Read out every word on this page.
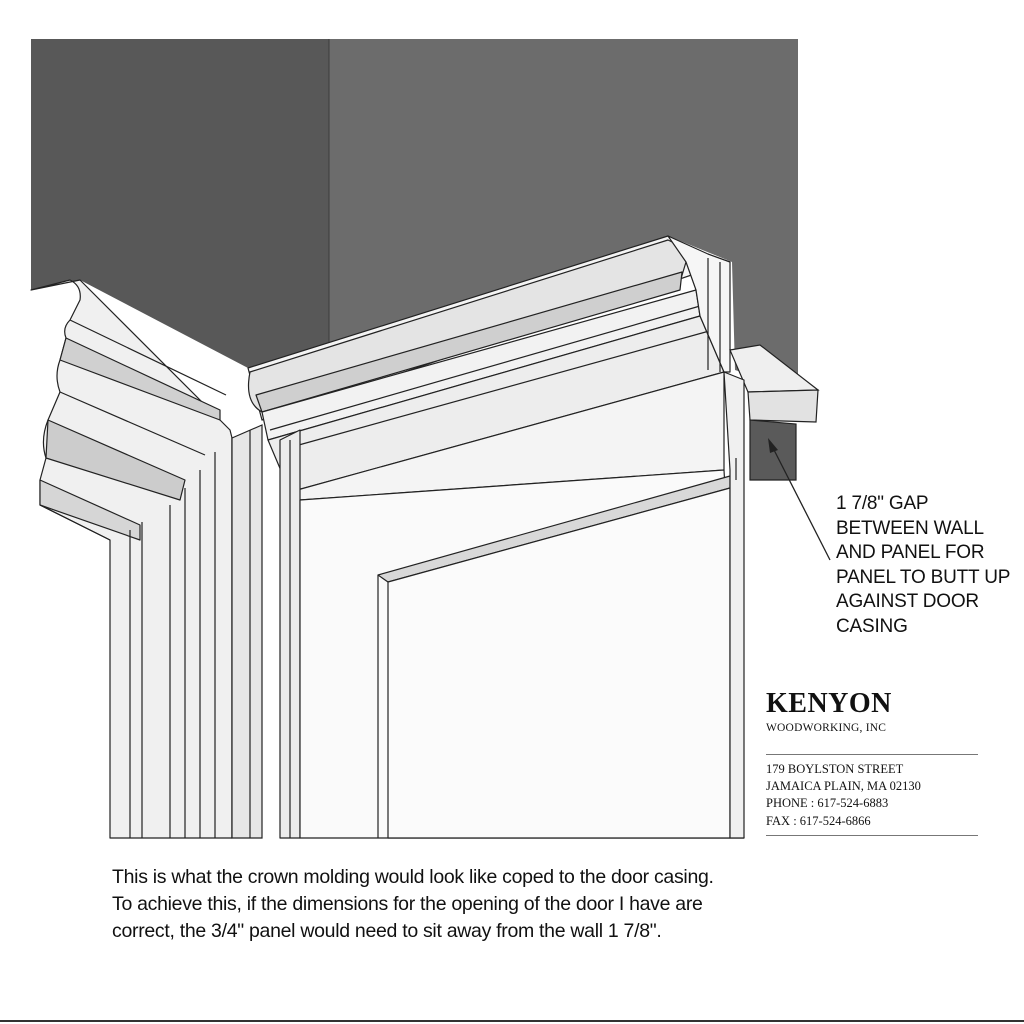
1 7/8" GAP
BETWEEN WALL
AND PANEL FOR
PANEL TO BUTT UP
AGAINST DOOR
CASING
KENYON
WOODWORKING, INC
179 BOYLSTON STREET
JAMAICA PLAIN, MA 02130
PHONE : 617-524-6883
FAX : 617-524-6866
This is what the crown molding would look like coped to the door casing.
To achieve this, if the dimensions for the opening of the door I have are
correct, the 3/4" panel would need to sit away from the wall 1 7/8".
